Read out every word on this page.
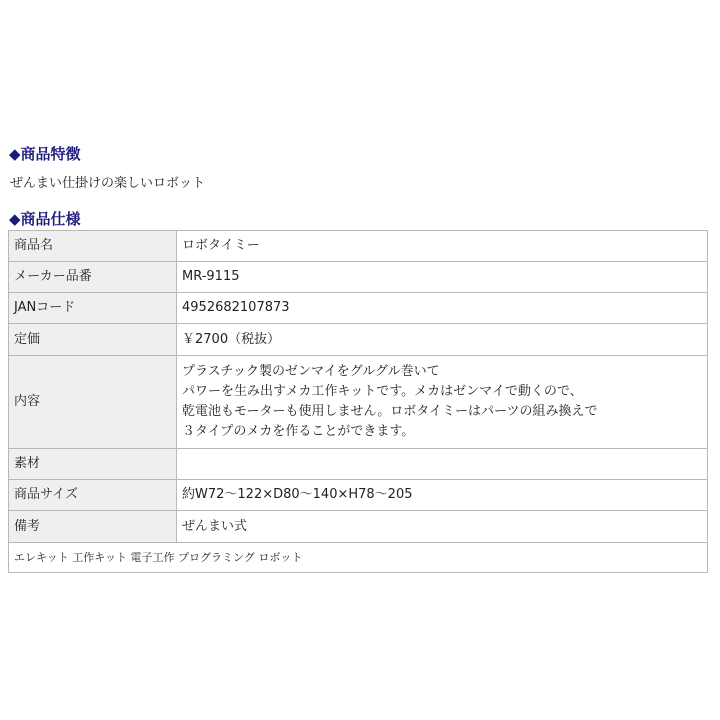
◆商品特徴

ぜんまい仕掛けの楽しいロボット

◆商品仕様
商品名	ロボタイミー
メーカー品番	MR-9115
JANコード	4952682107873
定価	￥2700（税抜）
内容	プラスチック製のゼンマイをグルグル巻いて
パワーを生み出すメカ工作キットです。メカはゼンマイで動くので、
乾電池もモーターも使用しません。ロボタイミーはパーツの組み換えで
３タイプのメカを作ることができます。

素材	
商品サイズ	約W72～122×D80～140×H78～205
備考	ぜんまい式
エレキット 工作キット 電子工作 プログラミング ロボット	
